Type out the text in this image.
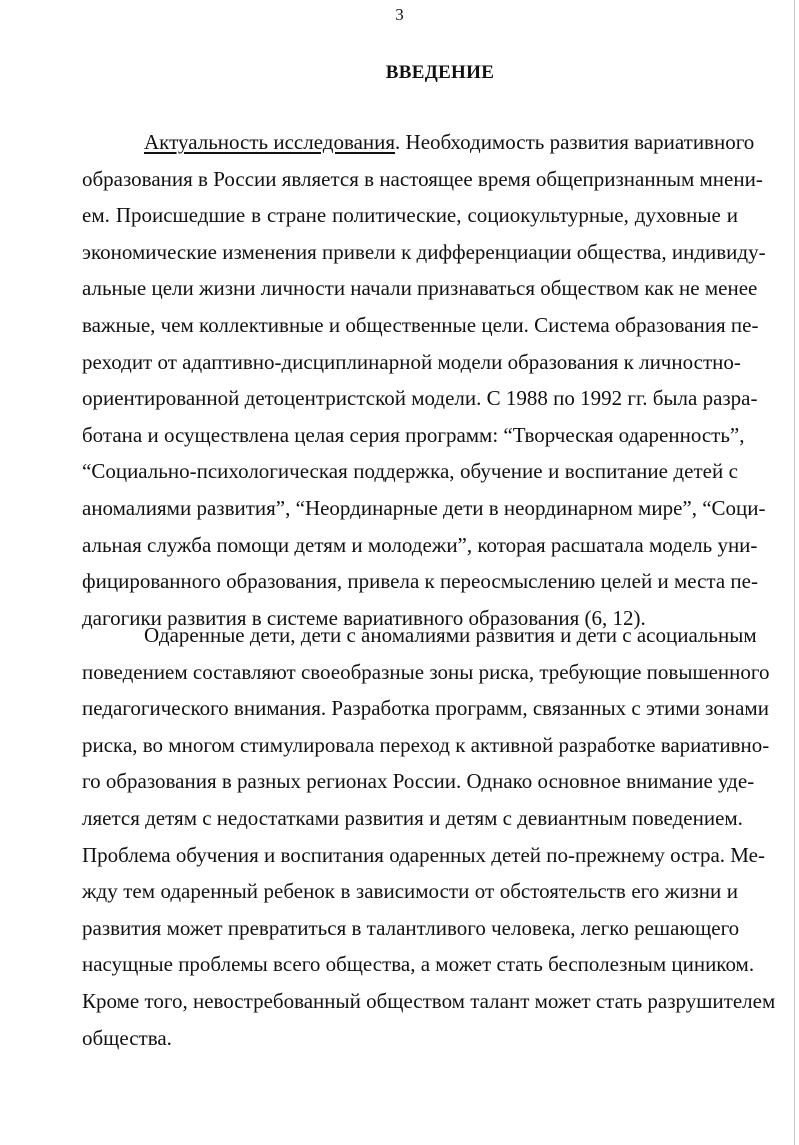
3
ВВЕДЕНИЕ
Актуальность исследования. Необходимость развития вариативного
образования в России является в настоящее время общепризнанным мнени-
ем. Происшедшие в стране политические, социокультурные, духовные и
экономические изменения привели к дифференциации общества, индивиду-
альные цели жизни личности начали признаваться обществом как не менее
важные, чем коллективные и общественные цели. Система образования пе-
реходит от адаптивно-дисциплинарной модели образования к личностно-
ориентированной детоцентристской модели. С 1988 по 1992 гг. была разра-
ботана и осуществлена целая серия программ: “Творческая одаренность”,
“Социально-психологическая поддержка, обучение и воспитание детей с
аномалиями развития”, “Неординарные дети в неординарном мире”, “Соци-
альная служба помощи детям и молодежи”, которая расшатала модель уни-
фицированного образования, привела к переосмыслению целей и места пе-
дагогики развития в системе вариативного образования (6, 12).
Одаренные дети, дети с аномалиями развития и дети с асоциальным
поведением составляют своеобразные зоны риска, требующие повышенного
педагогического внимания. Разработка программ, связанных с этими зонами
риска, во многом стимулировала переход к активной разработке вариативно-
го образования в разных регионах России. Однако основное внимание уде-
ляется детям с недостатками развития и детям с девиантным поведением.
Проблема обучения и воспитания одаренных детей по-прежнему остра. Ме-
жду тем одаренный ребенок в зависимости от обстоятельств его жизни и
развития может превратиться в талантливого человека, легко решающего
насущные проблемы всего общества, а может стать бесполезным циником.
Кроме того, невостребованный обществом талант может стать разрушителем
общества.
